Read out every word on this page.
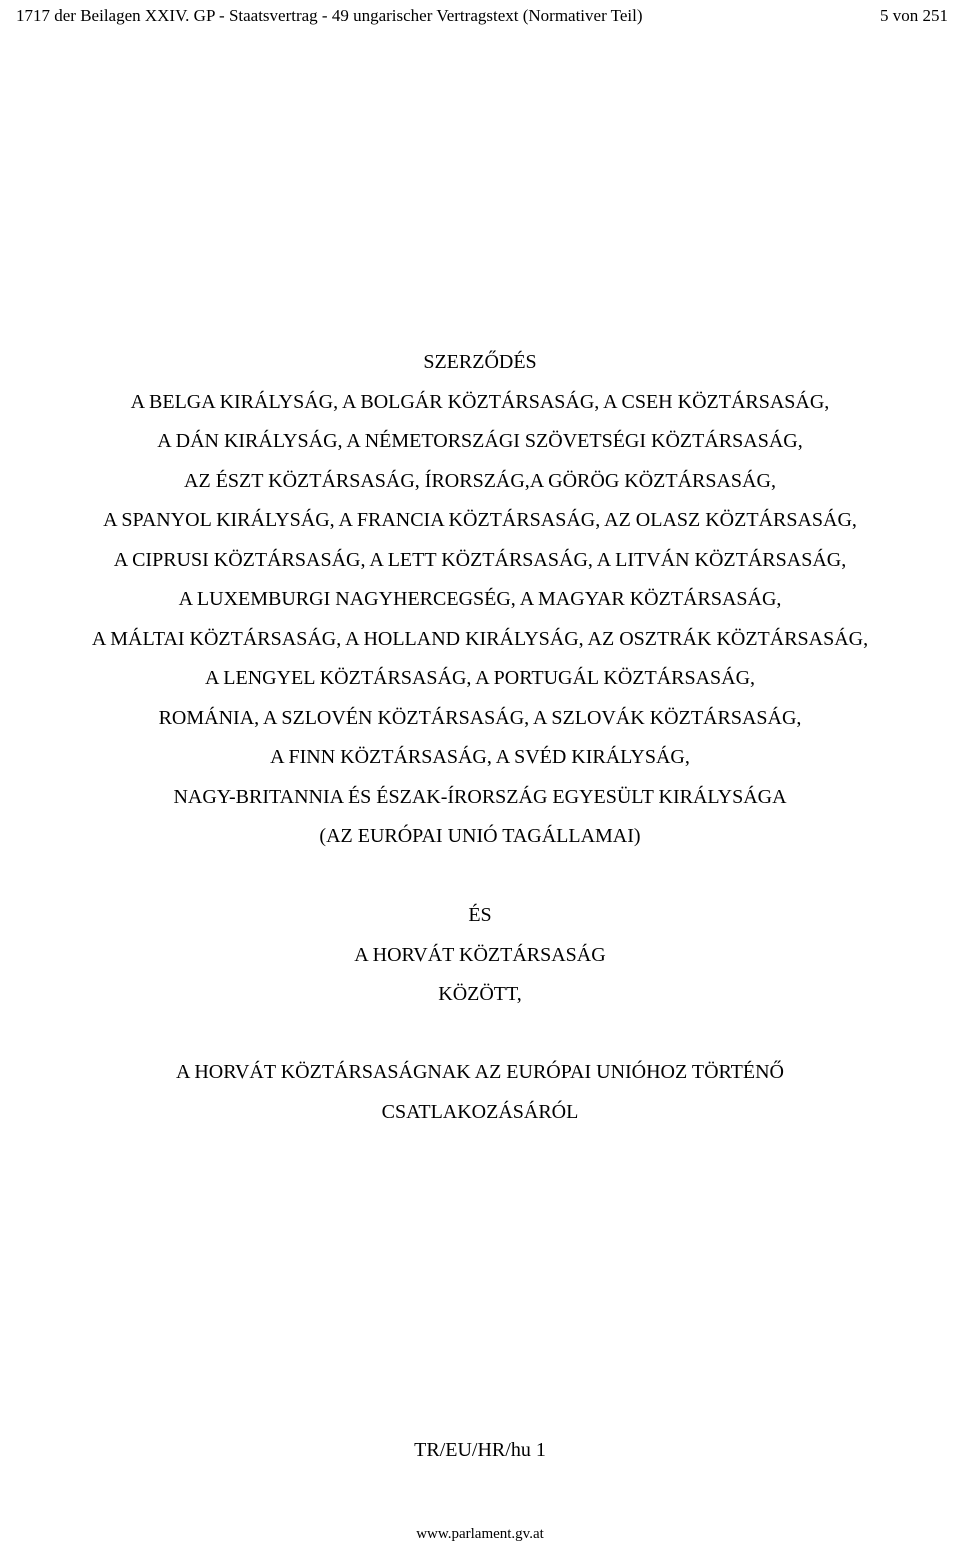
1717 der Beilagen XXIV. GP - Staatsvertrag - 49 ungarischer Vertragstext (Normativer Teil)	5 von 251
SZERZŐDÉS
A BELGA KIRÁLYSÁG, A BOLGÁR KÖZTÁRSASÁG, A CSEH KÖZTÁRSASÁG,
A DÁN KIRÁLYSÁG, A NÉMETORSZÁGI SZÖVETSÉGI KÖZTÁRSASÁG,
AZ ÉSZT KÖZTÁRSASÁG, ÍRORSZÁG,A GÖRÖG KÖZTÁRSASÁG,
A SPANYOL KIRÁLYSÁG, A FRANCIA KÖZTÁRSASÁG, AZ OLASZ KÖZTÁRSASÁG,
A CIPRUSI KÖZTÁRSASÁG, A LETT KÖZTÁRSASÁG, A LITVÁN KÖZTÁRSASÁG,
A LUXEMBURGI NAGYHERCEGSÉG, A MAGYAR KÖZTÁRSASÁG,
A MÁLTAI KÖZTÁRSASÁG, A HOLLAND KIRÁLYSÁG, AZ OSZTRÁK KÖZTÁRSASÁG,
A LENGYEL KÖZTÁRSASÁG, A PORTUGÁL KÖZTÁRSASÁG,
ROMÁNIA, A SZLOVÉN KÖZTÁRSASÁG, A SZLOVÁK KÖZTÁRSASÁG,
A FINN KÖZTÁRSASÁG, A SVÉD KIRÁLYSÁG,
NAGY-BRITANNIA ÉS ÉSZAK-ÍRORSZÁG EGYESÜLT KIRÁLYSÁGA
(AZ EURÓPAI UNIÓ TAGÁLLAMAI)
ÉS
A HORVÁT KÖZTÁRSASÁG
KÖZÖTT,
A HORVÁT KÖZTÁRSASÁGNAK AZ EURÓPAI UNIÓHOZ TÖRTÉNŐ
CSATLAKOZÁSÁRÓL
TR/EU/HR/hu 1
www.parlament.gv.at
